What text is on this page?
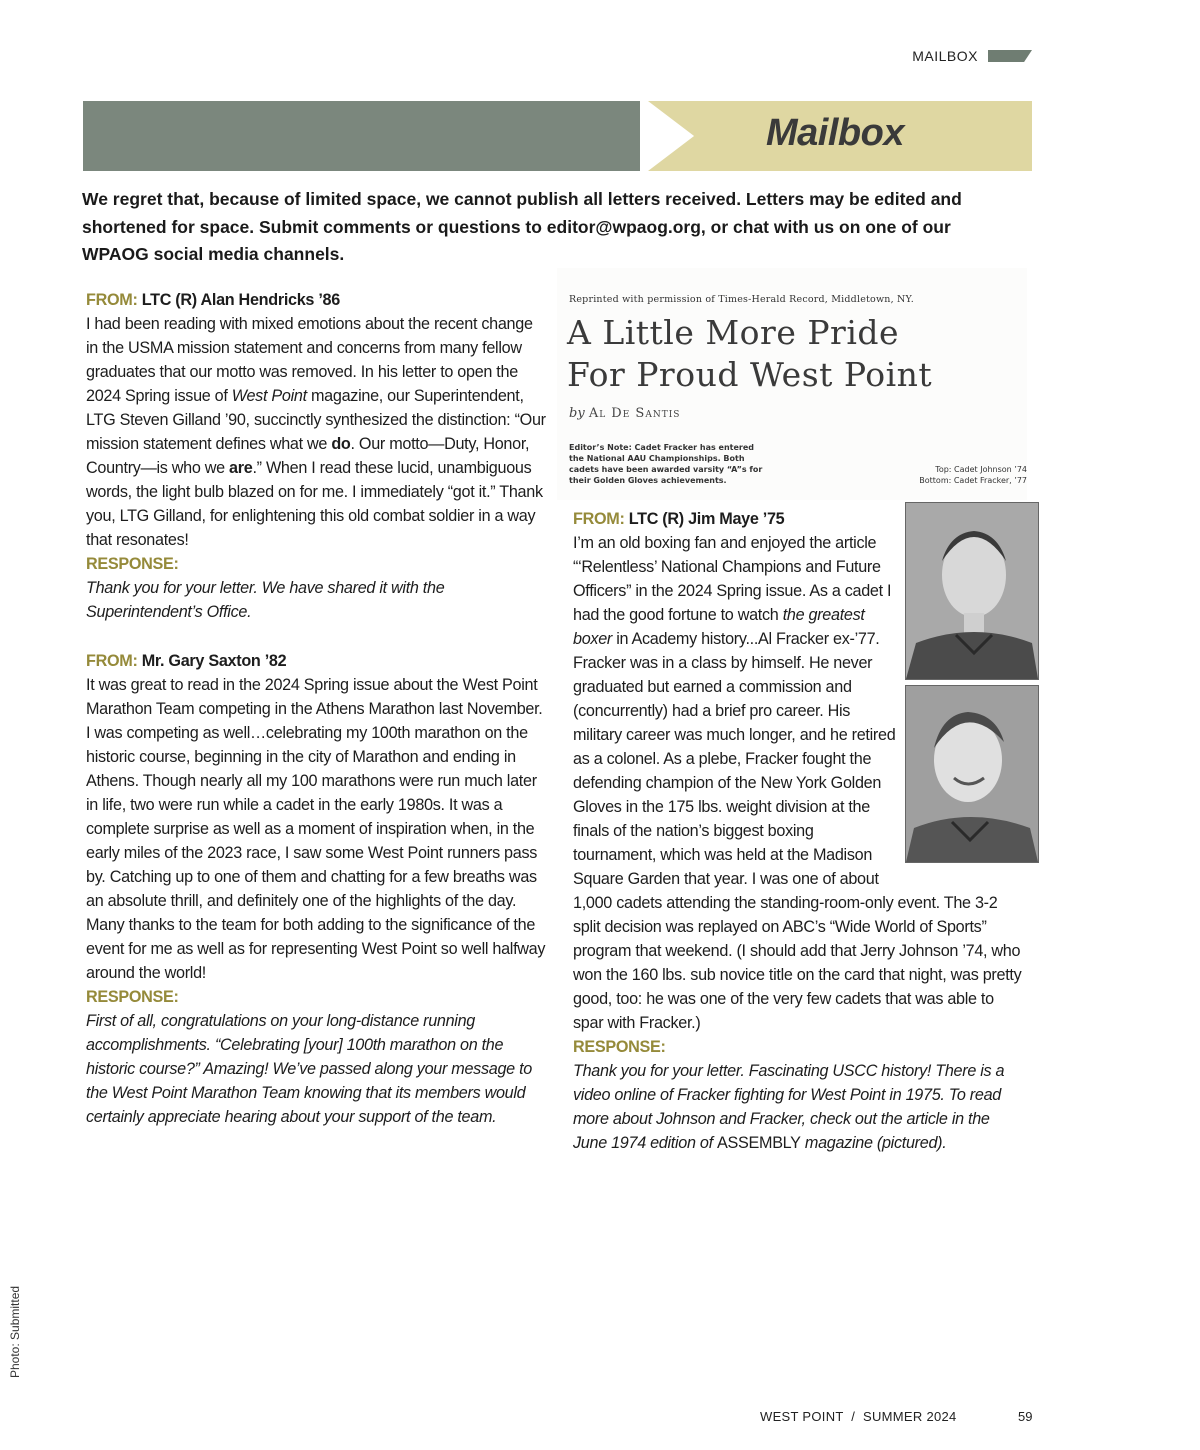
MAILBOX
Mailbox
We regret that, because of limited space, we cannot publish all letters received. Letters may be edited and shortened for space. Submit comments or questions to editor@wpaog.org, or chat with us on one of our WPAOG social media channels.

FROM: LTC (R) Alan Hendricks ’86

I had been reading with mixed emotions about the recent change in the USMA mission statement and concerns from many fellow graduates that our motto was removed. In his letter to open the 2024 Spring issue of West Point magazine, our Superintendent, LTG Steven Gilland ’90, succinctly synthesized the distinction: “Our mission statement defines what we do. Our motto—Duty, Honor, Country—is who we are.” When I read these lucid, unambiguous words, the light bulb blazed on for me. I immediately “got it.” Thank you, LTG Gilland, for enlightening this old combat soldier in a way that resonates!

RESPONSE:

Thank you for your letter. We have shared it with the Superintendent’s Office.

FROM: Mr. Gary Saxton ’82

It was great to read in the 2024 Spring issue about the West Point Marathon Team competing in the Athens Marathon last November. I was competing as well…celebrating my 100th marathon on the historic course, beginning in the city of Marathon and ending in Athens. Though nearly all my 100 marathons were run much later in life, two were run while a cadet in the early 1980s. It was a complete surprise as well as a moment of inspiration when, in the early miles of the 2023 race, I saw some West Point runners pass by. Catching up to one of them and chatting for a few breaths was an absolute thrill, and definitely one of the highlights of the day. Many thanks to the team for both adding to the significance of the event for me as well as for representing West Point so well halfway around the world!

RESPONSE:

First of all, congratulations on your long-distance running accomplishments. “Celebrating [your] 100th marathon on the historic course?” Amazing! We’ve passed along your message to the West Point Marathon Team knowing that its members would certainly appreciate hearing about your support of the team.

Reprinted with permission of Times-Herald Record, Middletown, NY.
A Little More Pride
For Proud West Point
by Al De Santis
Editor’s Note: Cadet Fracker has entered the National AAU Championships. Both cadets have been awarded varsity “A”s for their Golden Gloves achievements.
Top: Cadet Johnson ’74
Bottom: Cadet Fracker, ’77

FROM: LTC (R) Jim Maye ’75

I’m an old boxing fan and enjoyed the article “‘Relentless’ National Champions and Future Officers” in the 2024 Spring issue. As a cadet I had the good fortune to watch the greatest boxer in Academy history...Al Fracker ex-’77. Fracker was in a class by himself. He never graduated but earned a commission and (concurrently) had a brief pro career. His military career was much longer, and he retired as a colonel. As a plebe, Fracker fought the defending champion of the New York Golden Gloves in the 175 lbs. weight division at the finals of the nation’s biggest boxing tournament, which was held at the Madison Square Garden that year. I was one of about 1,000 cadets attending the standing-room-only event. The 3-2 split decision was replayed on ABC’s “Wide World of Sports” program that weekend. (I should add that Jerry Johnson ’74, who won the 160 lbs. sub novice title on the card that night, was pretty good, too: he was one of the very few cadets that was able to spar with Fracker.)

RESPONSE:

Thank you for your letter. Fascinating USCC history! There is a video online of Fracker fighting for West Point in 1975. To read more about Johnson and Fracker, check out the article in the June 1974 edition of ASSEMBLY magazine (pictured).

Photo: Submitted
WEST POINT  /  SUMMER 2024	59
